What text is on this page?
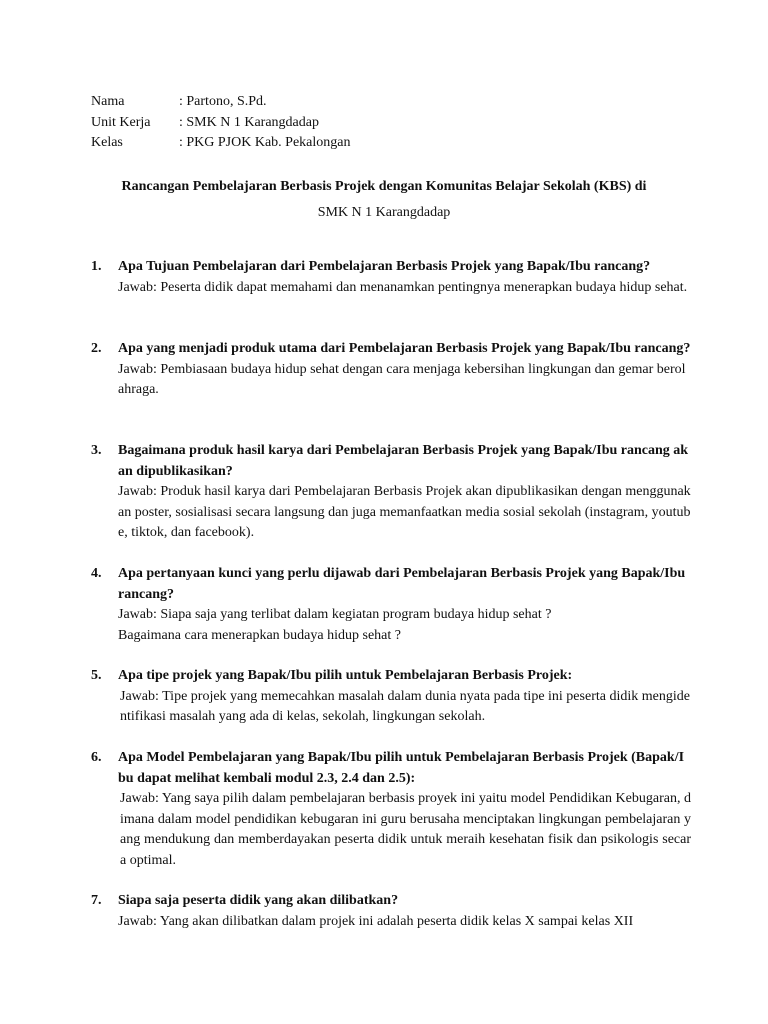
Nama	: Partono, S.Pd.
Unit Kerja	: SMK N 1 Karangdadap
Kelas	: PKG PJOK Kab. Pekalongan
Rancangan Pembelajaran Berbasis Projek dengan Komunitas Belajar Sekolah (KBS) di
SMK N 1 Karangdadap
1.	Apa Tujuan Pembelajaran dari Pembelajaran Berbasis Projek yang Bapak/Ibu rancang?
Jawab: Peserta didik dapat memahami dan menanamkan pentingnya menerapkan budaya hidup sehat.
2.	Apa yang menjadi produk utama dari Pembelajaran Berbasis Projek yang Bapak/Ibu rancang?
Jawab: Pembiasaan budaya hidup sehat dengan cara menjaga kebersihan lingkungan dan gemar berolahraga.
3.	Bagaimana produk hasil karya dari Pembelajaran Berbasis Projek yang Bapak/Ibu rancang akan dipublikasikan?
Jawab: Produk hasil karya dari Pembelajaran Berbasis Projek akan dipublikasikan dengan menggunakan poster, sosialisasi secara langsung dan juga memanfaatkan media sosial sekolah (instagram, youtube, tiktok, dan facebook).
4.	Apa pertanyaan kunci yang perlu dijawab dari Pembelajaran Berbasis Projek yang Bapak/Ibu rancang?
Jawab: Siapa saja yang terlibat dalam kegiatan program budaya hidup sehat ?
Bagaimana cara menerapkan budaya hidup sehat ?
5.	Apa tipe projek yang Bapak/Ibu pilih untuk Pembelajaran Berbasis Projek:
Jawab: Tipe projek yang memecahkan masalah dalam dunia nyata pada tipe ini peserta didik mengidentifikasi masalah yang ada di kelas, sekolah, lingkungan sekolah.
6.	Apa Model Pembelajaran yang Bapak/Ibu pilih untuk Pembelajaran Berbasis Projek (Bapak/Ibu dapat melihat kembali modul 2.3, 2.4 dan 2.5):
Jawab: Yang saya pilih dalam pembelajaran berbasis proyek ini yaitu model Pendidikan Kebugaran, dimana dalam model pendidikan kebugaran ini guru berusaha menciptakan lingkungan pembelajaran yang mendukung dan memberdayakan peserta didik untuk meraih kesehatan fisik dan psikologis secara optimal.
7.	Siapa saja peserta didik yang akan dilibatkan?
Jawab: Yang akan dilibatkan dalam projek ini adalah peserta didik kelas X sampai kelas XII
